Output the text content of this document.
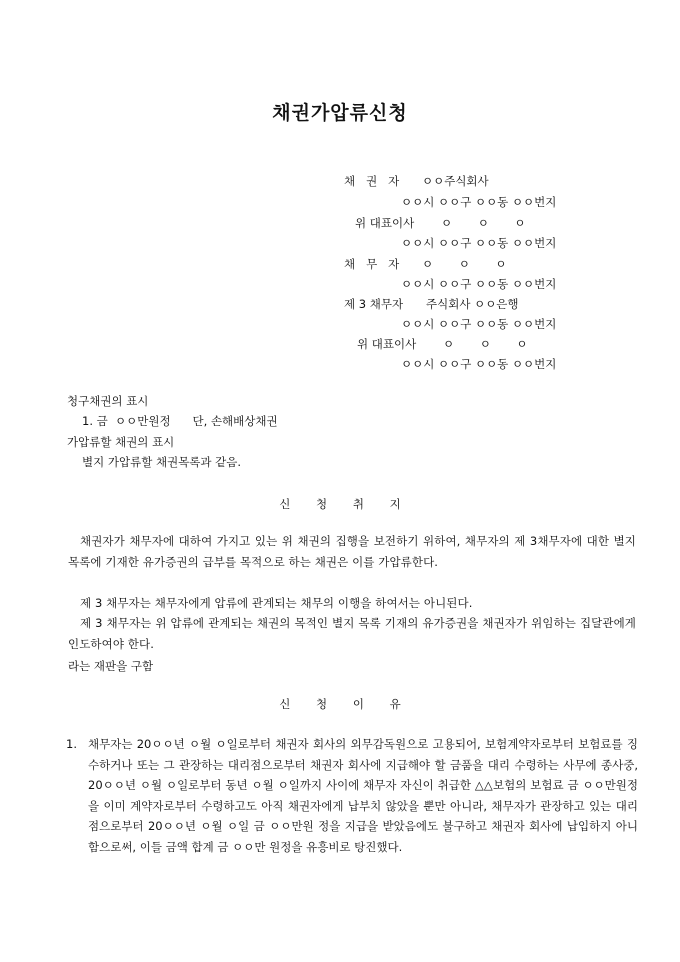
채권가압류신청
채   권   자 ㅇㅇ주식회사
ㅇㅇ시 ㅇㅇ구 ㅇㅇ동 ㅇㅇ번지
위 대표이사 ㅇ       ㅇ       ㅇ
ㅇㅇ시 ㅇㅇ구 ㅇㅇ동 ㅇㅇ번지
채   무   자 ㅇ       ㅇ       ㅇ
ㅇㅇ시 ㅇㅇ구 ㅇㅇ동 ㅇㅇ번지
제 3 채무자 주식회사 ㅇㅇ은행
ㅇㅇ시 ㅇㅇ구 ㅇㅇ동 ㅇㅇ번지
위 대표이사 ㅇ       ㅇ       ㅇ
ㅇㅇ시 ㅇㅇ구 ㅇㅇ동 ㅇㅇ번지
청구채권의 표시
1. 금  ㅇㅇ만원정      단, 손해배상채권
가압류할 채권의 표시
별지 가압류할 채권목록과 같음.
신 청 취 지
채권자가 채무자에 대하여 가지고 있는 위 채권의 집행을 보전하기 위하여, 채무자의 제 3채무자에 대한 별지 목록에 기재한 유가증권의 급부를 목적으로 하는 채권은 이를 가압류한다.
제 3 채무자는 채무자에게 압류에 관계되는 채무의 이행을 하여서는 아니된다.
제 3 채무자는 위 압류에 관계되는 채권의 목적인 별지 목록 기재의 유가증권을 채권자가 위임하는 집달관에게 인도하여야 한다.
라는 재판을 구함
신 청 이 유
1. 채무자는 20ㅇㅇ년 ㅇ월 ㅇ일로부터 채권자 회사의 외무감독원으로 고용되어, 보험계약자로부터 보험료를 징수하거나 또는 그 관장하는 대리점으로부터 채권자 회사에 지급해야 할 금품을 대리 수령하는 사무에 종사중, 20ㅇㅇ년 ㅇ월 ㅇ일로부터 동년 ㅇ월 ㅇ일까지 사이에 채무자 자신이 취급한 △△보험의 보험료 금 ㅇㅇ만원정을 이미 계약자로부터 수령하고도 아직 채권자에게 납부치 않았을 뿐만 아니라, 채무자가 관장하고 있는 대리점으로부터 20ㅇㅇ년 ㅇ월 ㅇ일 금 ㅇㅇ만원 정을 지급을 받았음에도 불구하고 채권자 회사에 납입하지 아니함으로써, 이들 금액 합계 금 ㅇㅇ만 원정을 유흥비로 탕진했다.
